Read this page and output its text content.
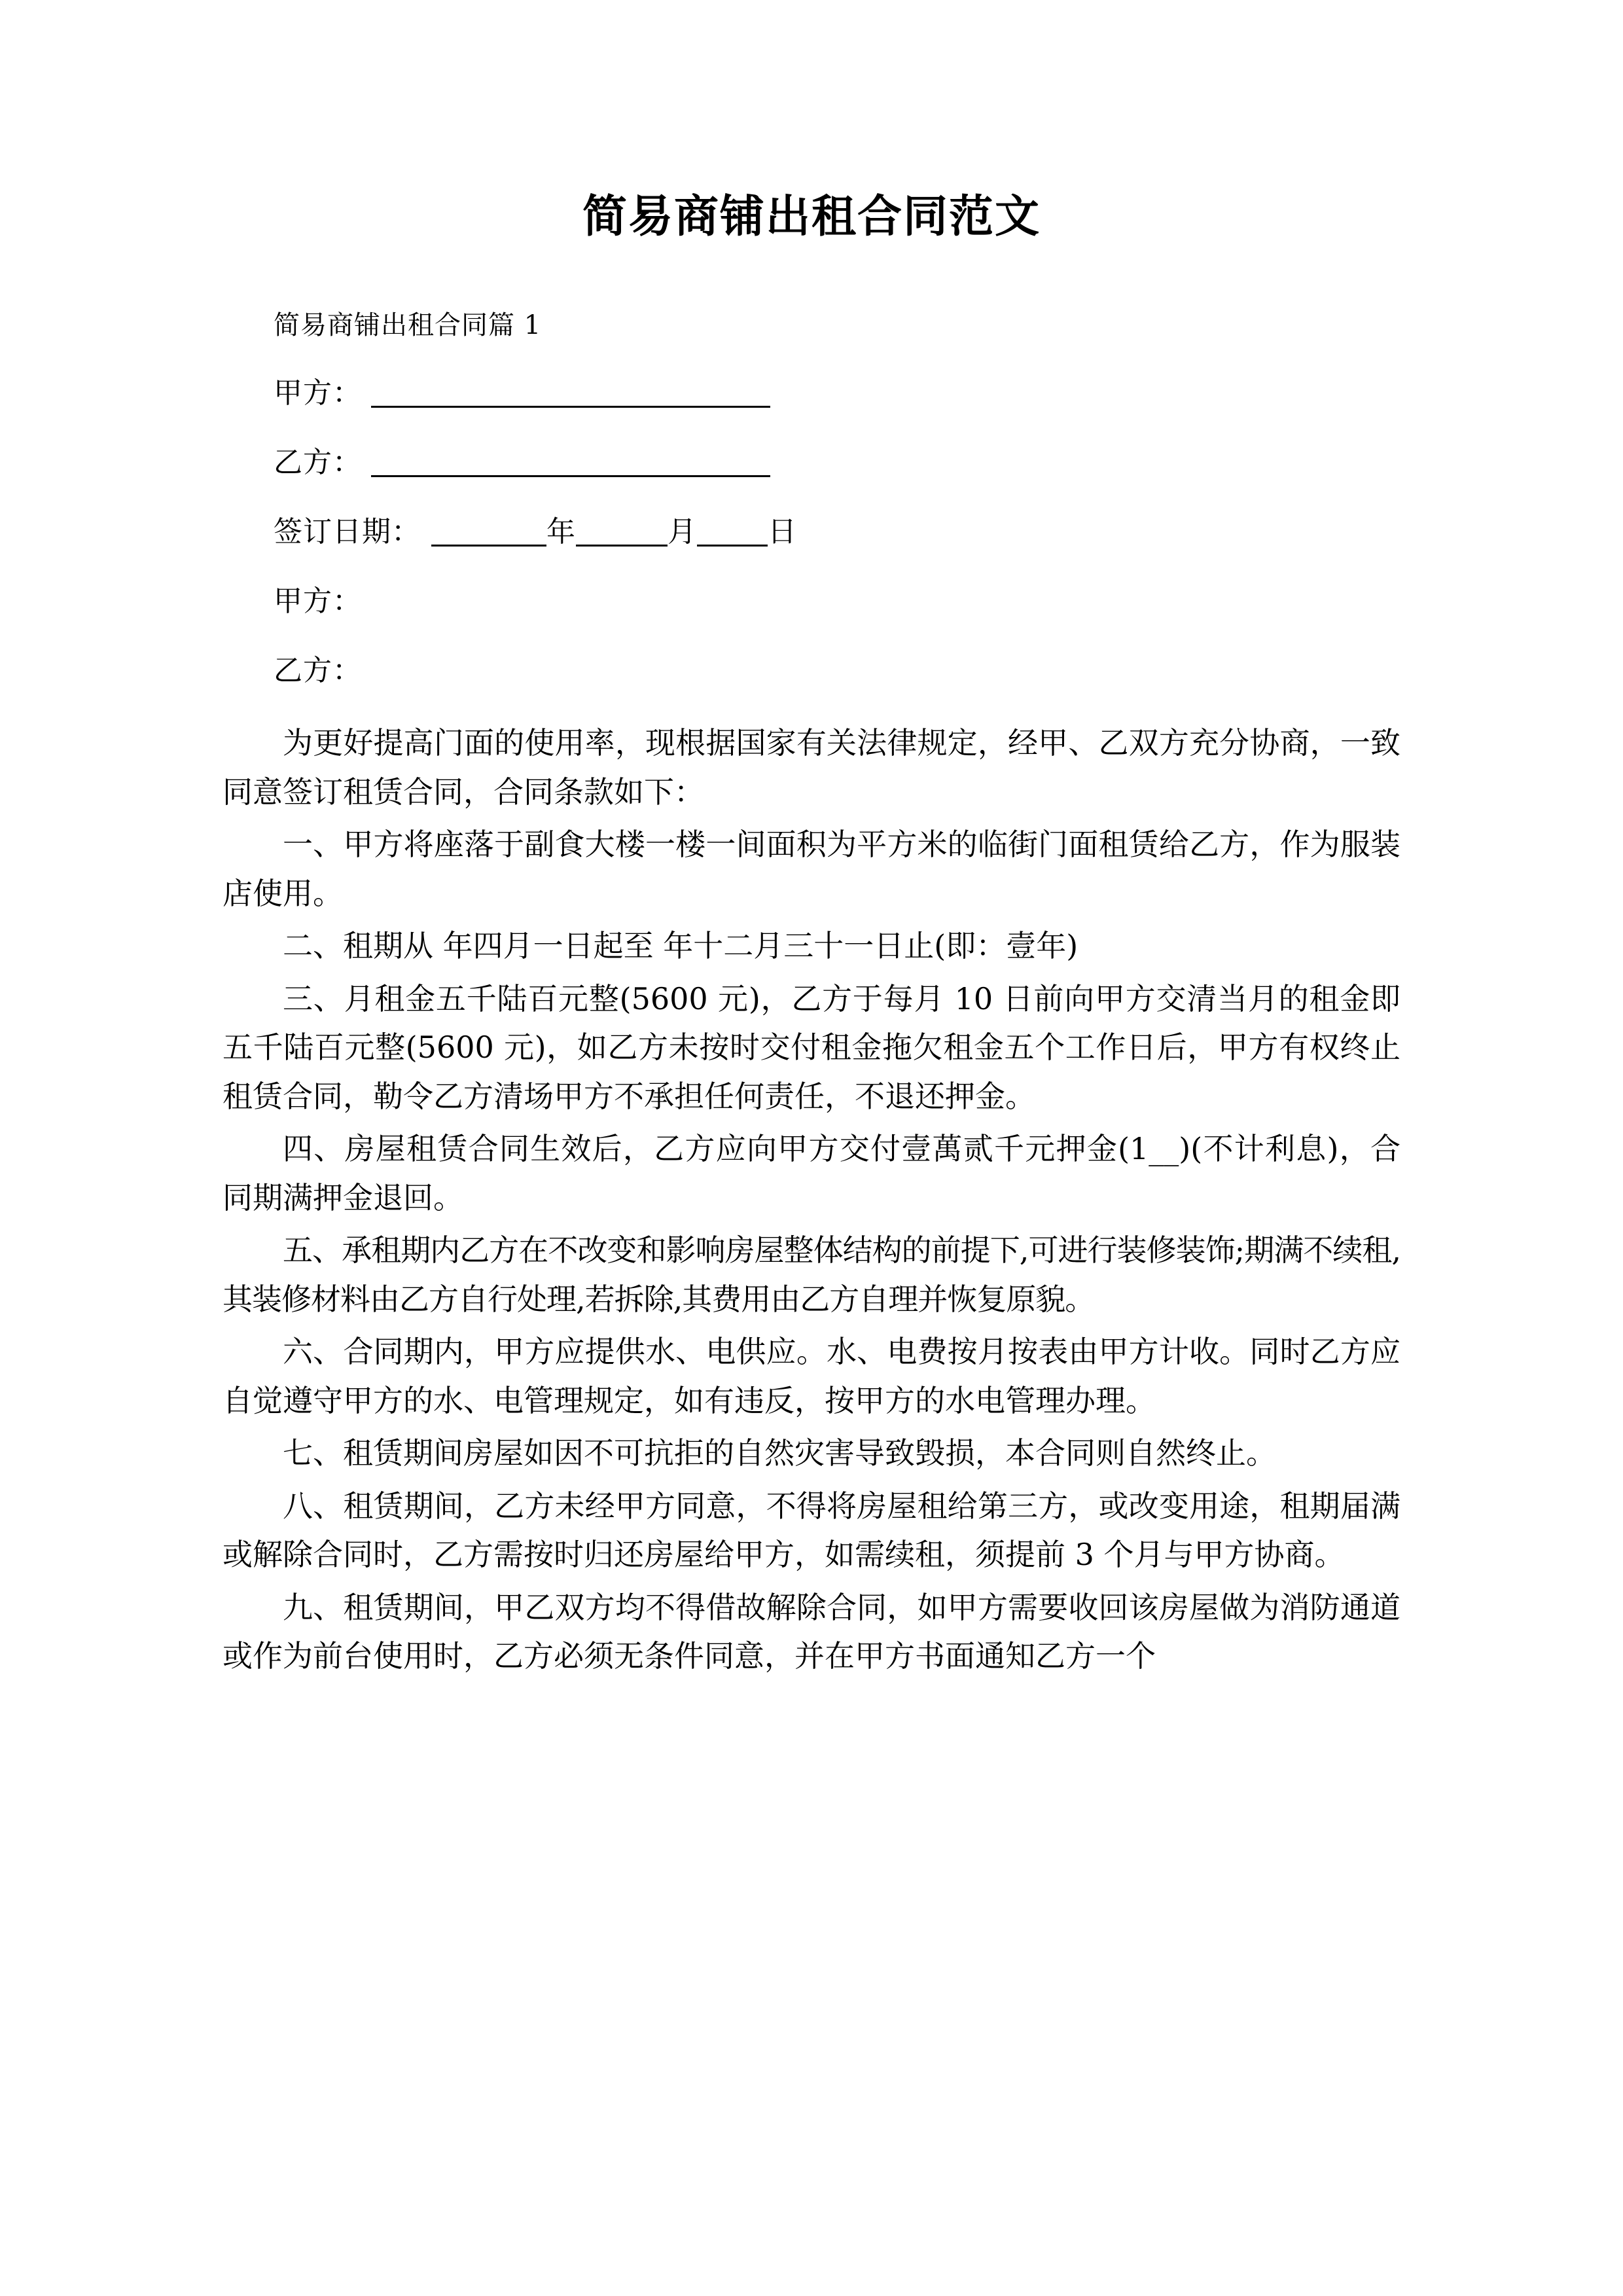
简易商铺出租合同范文
简易商铺出租合同篇 1
甲方：
乙方：
签订日期：	年	月 日
甲方：
乙方：

为更好提高门面的使用率，现根据国家有关法律规定，经甲、乙双方充分协商，一致同意签订租赁合同，合同条款如下：

一、甲方将座落于副食大楼一楼一间面积为平方米的临街门面租赁给乙方，作为服装店使用。

二、租期从 年四月一日起至 年十二月三十一日止(即：壹年)

三、月租金五千陆百元整(5600 元)，乙方于每月 10 日前向甲方交清当月的租金即五千陆百元整(5600 元)，如乙方未按时交付租金拖欠租金五个工作日后，甲方有权终止租赁合同，勒令乙方清场甲方不承担任何责任，不退还押金。

四、房屋租赁合同生效后，乙方应向甲方交付壹萬贰千元押金(1__)(不计利息)，合同期满押金退回。

五、承租期内乙方在不改变和影响房屋整体结构的前提下,可进行装修装饰;期满不续租,其装修材料由乙方自行处理,若拆除,其费用由乙方自理并恢复原貌。

六、合同期内，甲方应提供水、电供应。水、电费按月按表由甲方计收。同时乙方应自觉遵守甲方的水、电管理规定，如有违反，按甲方的水电管理办理。

七、租赁期间房屋如因不可抗拒的自然灾害导致毁损，本合同则自然终止。

八、租赁期间，乙方未经甲方同意，不得将房屋租给第三方，或改变用途，租期届满或解除合同时，乙方需按时归还房屋给甲方，如需续租，须提前 3 个月与甲方协商。

九、租赁期间，甲乙双方均不得借故解除合同，如甲方需要收回该房屋做为消防通道或作为前台使用时，乙方必须无条件同意，并在甲方书面通知乙方一个
